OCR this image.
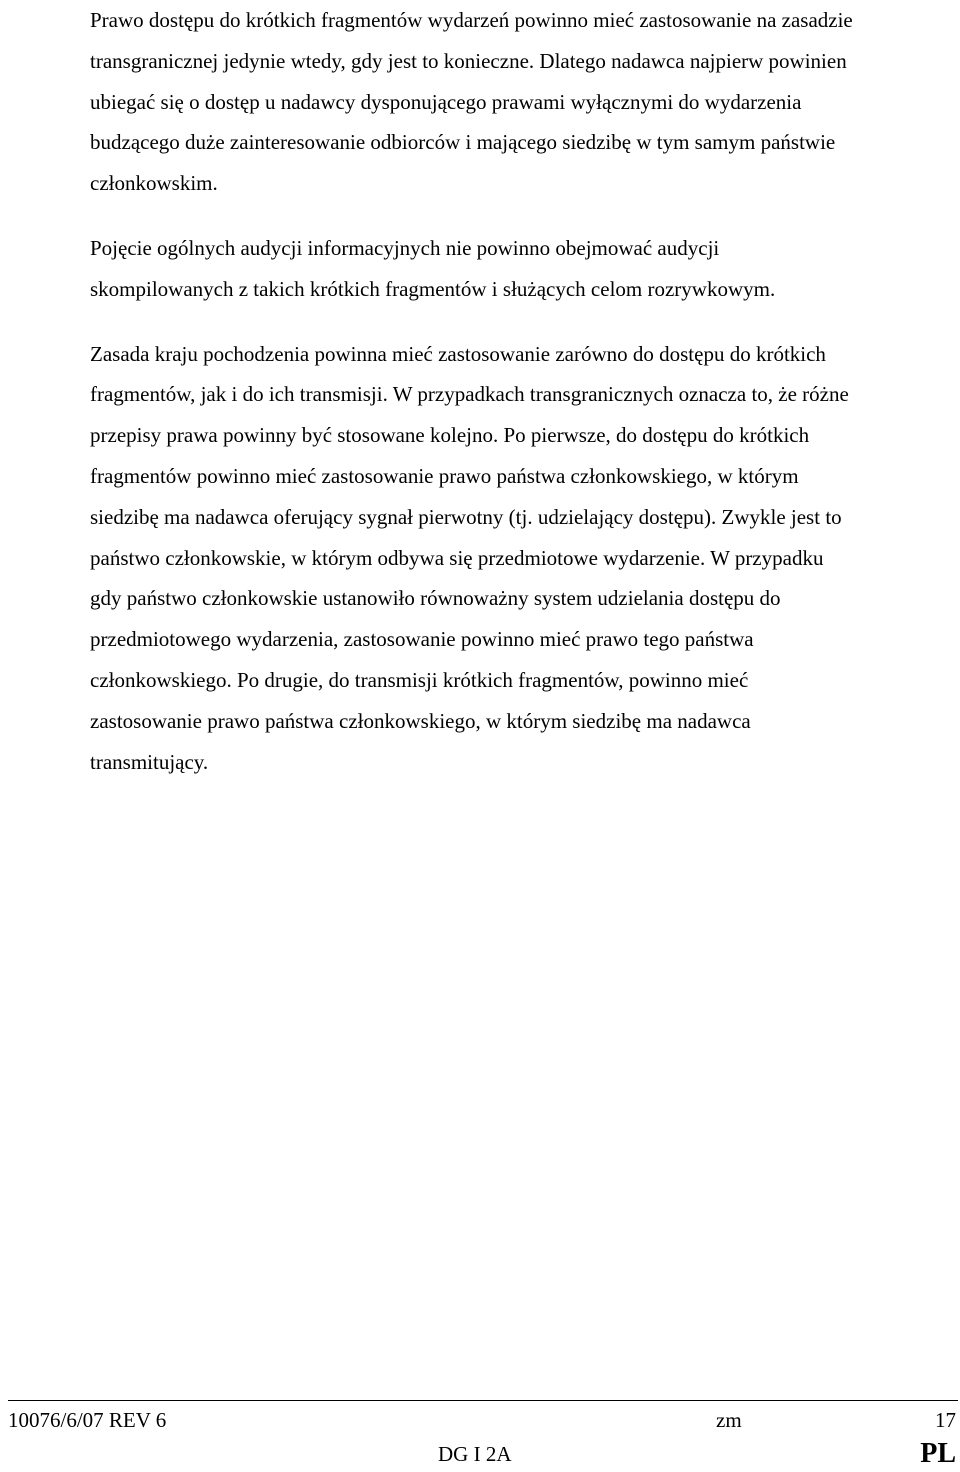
Prawo dostępu do krótkich fragmentów wydarzeń powinno mieć zastosowanie na zasadzie
transgranicznej jedynie wtedy, gdy jest to konieczne. Dlatego nadawca najpierw powinien
ubiegać się o dostęp u nadawcy dysponującego prawami wyłącznymi do wydarzenia
budzącego duże zainteresowanie odbiorców i mającego siedzibę w tym samym państwie
członkowskim.

Pojęcie ogólnych audycji informacyjnych nie powinno obejmować audycji
skompilowanych z takich krótkich fragmentów i służących celom rozrywkowym.

Zasada kraju pochodzenia powinna mieć zastosowanie zarówno do dostępu do krótkich
fragmentów, jak i do ich transmisji. W przypadkach transgranicznych oznacza to, że różne
przepisy prawa powinny być stosowane kolejno. Po pierwsze, do dostępu do krótkich
fragmentów powinno mieć zastosowanie prawo państwa członkowskiego, w którym
siedzibę ma nadawca oferujący sygnał pierwotny (tj. udzielający dostępu). Zwykle jest to
państwo członkowskie, w którym odbywa się przedmiotowe wydarzenie. W przypadku
gdy państwo członkowskie ustanowiło równoważny system udzielania dostępu do
przedmiotowego wydarzenia, zastosowanie powinno mieć prawo tego państwa
członkowskiego. Po drugie, do transmisji krótkich fragmentów, powinno mieć
zastosowanie prawo państwa członkowskiego, w którym siedzibę ma nadawca
transmitujący.

10076/6/07 REV 6	zm	17
DG I 2A	PL
